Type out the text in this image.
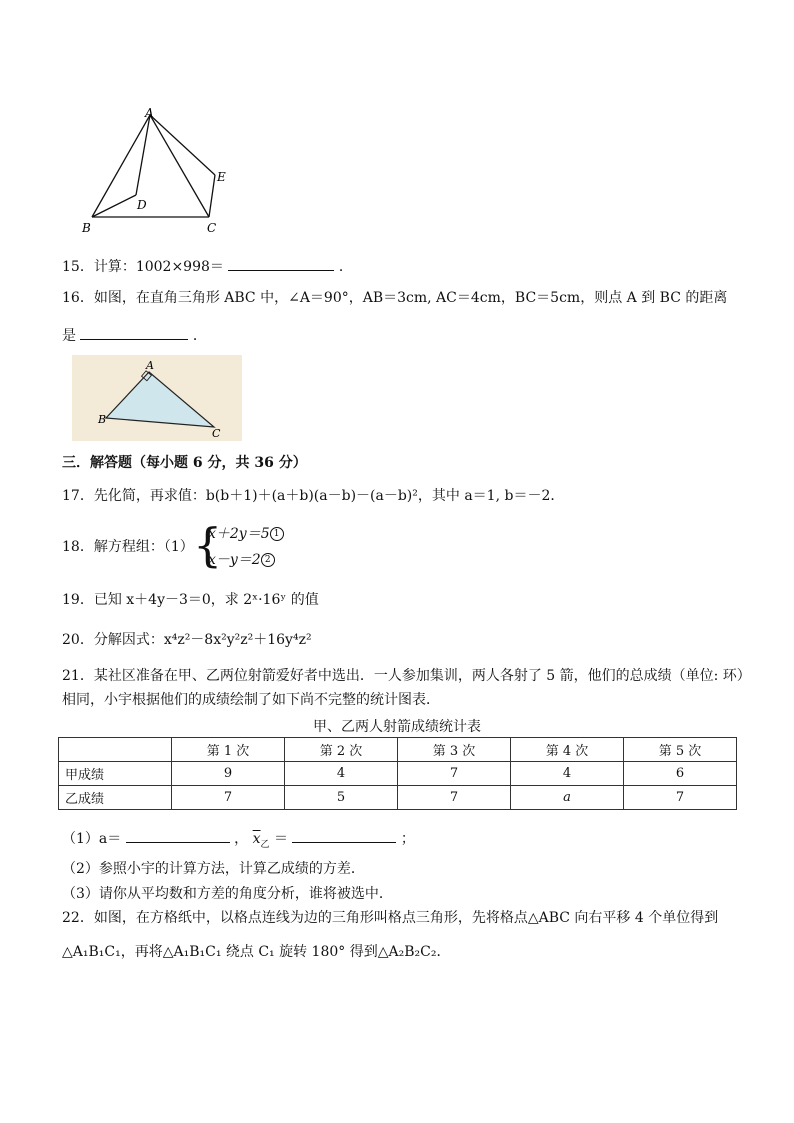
A
B	C
D
E
15．计算：1002×998＝	．
16．如图，在直角三角形 ABC 中，∠A＝90°，AB＝3cm, AC＝4cm，BC＝5cm，则点 A 到 BC 的距离
是	．
A
B
C
三．解答题（每小题 6 分，共 36 分）
17．先化简，再求值：b(b＋1)＋(a＋b)(a－b)－(a－b)²，其中 a＝1, b＝－2．
18．解方程组：（1） {
x＋2y＝5 1
x－y＝2 2
19．已知 x＋4y－3＝0，求 2ˣ·16ʸ 的值
20．分解因式：x⁴z²－8x²y²z²＋16y⁴z²
21．某社区准备在甲、乙两位射箭爱好者中选出．一人参加集训，两人各射了 5 箭，他们的总成绩（单位: 环）
相同，小宇根据他们的成绩绘制了如下尚不完整的统计图表．
甲、乙两人射箭成绩统计表
	第 1 次	第 2 次	第 3 次	第 4 次	第 5 次
甲成绩	9	4	7	4	6
乙成绩	7	5	7	a	7
（1）a＝	， $\overline{x}_乙$ ＝	；
（2）参照小宇的计算方法，计算乙成绩的方差．
（3）请你从平均数和方差的角度分析，谁将被选中．
22．如图，在方格纸中，以格点连线为边的三角形叫格点三角形，先将格点△ABC 向右平移 4 个单位得到
△A₁B₁C₁，再将△A₁B₁C₁ 绕点 C₁ 旋转 180° 得到△A₂B₂C₂．
